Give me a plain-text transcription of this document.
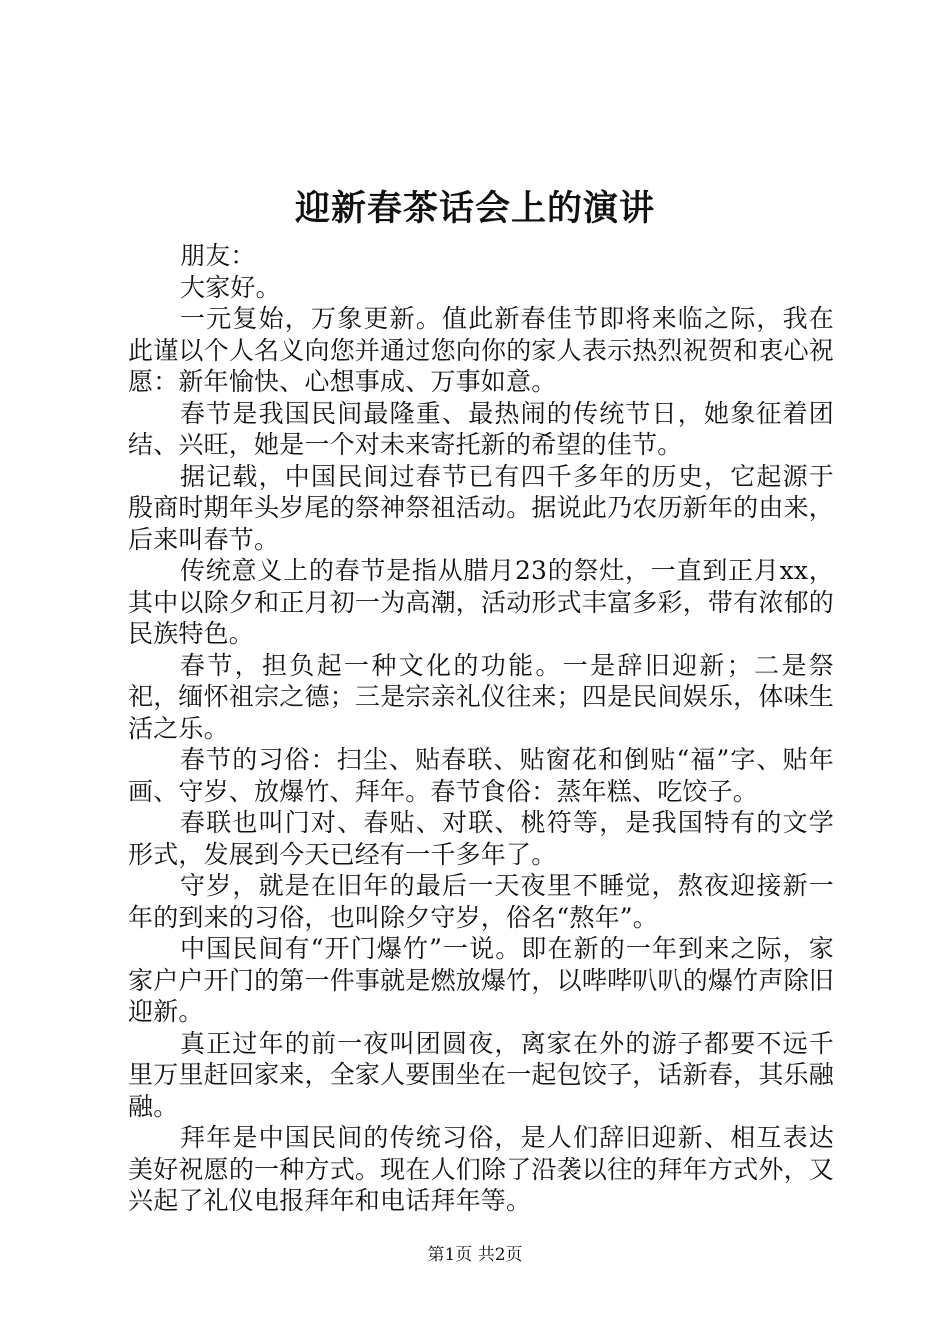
迎新春茶话会上的演讲

朋友：

大家好。

一元复始，万象更新。值此新春佳节即将来临之际，我在此谨以个人名义向您并通过您向你的家人表示热烈祝贺和衷心祝愿：新年愉快、心想事成、万事如意。

春节是我国民间最隆重、最热闹的传统节日，她象征着团结、兴旺，她是一个对未来寄托新的希望的佳节。

据记载，中国民间过春节已有四千多年的历史，它起源于殷商时期年头岁尾的祭神祭祖活动。据说此乃农历新年的由来，后来叫春节。

传统意义上的春节是指从腊月23的祭灶，一直到正月xx，其中以除夕和正月初一为高潮，活动形式丰富多彩，带有浓郁的民族特色。

春节，担负起一种文化的功能。一是辞旧迎新；二是祭祀，缅怀祖宗之德；三是宗亲礼仪往来；四是民间娱乐，体味生活之乐。

春节的习俗：扫尘、贴春联、贴窗花和倒贴“福”字、贴年画、守岁、放爆竹、拜年。春节食俗：蒸年糕、吃饺子。

春联也叫门对、春贴、对联、桃符等，是我国特有的文学形式，发展到今天已经有一千多年了。

守岁，就是在旧年的最后一天夜里不睡觉，熬夜迎接新一年的到来的习俗，也叫除夕守岁，俗名“熬年”。

中国民间有“开门爆竹”一说。即在新的一年到来之际，家家户户开门的第一件事就是燃放爆竹，以哔哔叭叭的爆竹声除旧迎新。

真正过年的前一夜叫团圆夜，离家在外的游子都要不远千里万里赶回家来，全家人要围坐在一起包饺子，话新春，其乐融融。

拜年是中国民间的传统习俗，是人们辞旧迎新、相互表达美好祝愿的一种方式。现在人们除了沿袭以往的拜年方式外，又兴起了礼仪电报拜年和电话拜年等。

第1页 共2页
